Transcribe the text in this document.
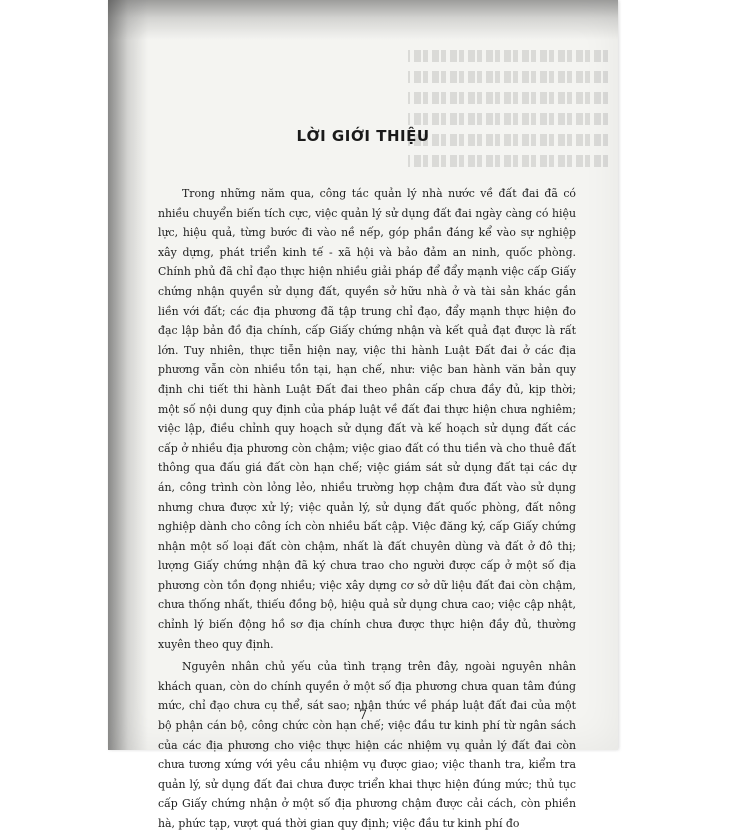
LỜI GIỚI THIỆU

Trong những năm qua, công tác quản lý nhà nước về đất đai đã có nhiều chuyển biến tích cực, việc quản lý sử dụng đất đai ngày càng có hiệu lực, hiệu quả, từng bước đi vào nề nếp, góp phần đáng kể vào sự nghiệp xây dựng, phát triển kinh tế - xã hội và bảo đảm an ninh, quốc phòng. Chính phủ đã chỉ đạo thực hiện nhiều giải pháp để đẩy mạnh việc cấp Giấy chứng nhận quyền sử dụng đất, quyền sở hữu nhà ở và tài sản khác gắn liền với đất; các địa phương đã tập trung chỉ đạo, đẩy mạnh thực hiện đo đạc lập bản đồ địa chính, cấp Giấy chứng nhận và kết quả đạt được là rất lớn. Tuy nhiên, thực tiễn hiện nay, việc thi hành Luật Đất đai ở các địa phương vẫn còn nhiều tồn tại, hạn chế, như: việc ban hành văn bản quy định chi tiết thi hành Luật Đất đai theo phân cấp chưa đầy đủ, kịp thời; một số nội dung quy định của pháp luật về đất đai thực hiện chưa nghiêm; việc lập, điều chỉnh quy hoạch sử dụng đất và kế hoạch sử dụng đất các cấp ở nhiều địa phương còn chậm; việc giao đất có thu tiền và cho thuê đất thông qua đấu giá đất còn hạn chế; việc giám sát sử dụng đất tại các dự án, công trình còn lỏng lẻo, nhiều trường hợp chậm đưa đất vào sử dụng nhưng chưa được xử lý; việc quản lý, sử dụng đất quốc phòng, đất nông nghiệp dành cho công ích còn nhiều bất cập. Việc đăng ký, cấp Giấy chứng nhận một số loại đất còn chậm, nhất là đất chuyên dùng và đất ở đô thị; lượng Giấy chứng nhận đã ký chưa trao cho người được cấp ở một số địa phương còn tồn đọng nhiều; việc xây dựng cơ sở dữ liệu đất đai còn chậm, chưa thống nhất, thiếu đồng bộ, hiệu quả sử dụng chưa cao; việc cập nhật, chỉnh lý biến động hồ sơ địa chính chưa được thực hiện đầy đủ, thường xuyên theo quy định.

Nguyên nhân chủ yếu của tình trạng trên đây, ngoài nguyên nhân khách quan, còn do chính quyền ở một số địa phương chưa quan tâm đúng mức, chỉ đạo chưa cụ thể, sát sao; nhận thức về pháp luật đất đai của một bộ phận cán bộ, công chức còn hạn chế; việc đầu tư kinh phí từ ngân sách của các địa phương cho việc thực hiện các nhiệm vụ quản lý đất đai còn chưa tương xứng với yêu cầu nhiệm vụ được giao; việc thanh tra, kiểm tra quản lý, sử dụng đất đai chưa được triển khai thực hiện đúng mức; thủ tục cấp Giấy chứng nhận ở một số địa phương chậm được cải cách, còn phiền hà, phức tạp, vượt quá thời gian quy định; việc đầu tư kinh phí đo

7
